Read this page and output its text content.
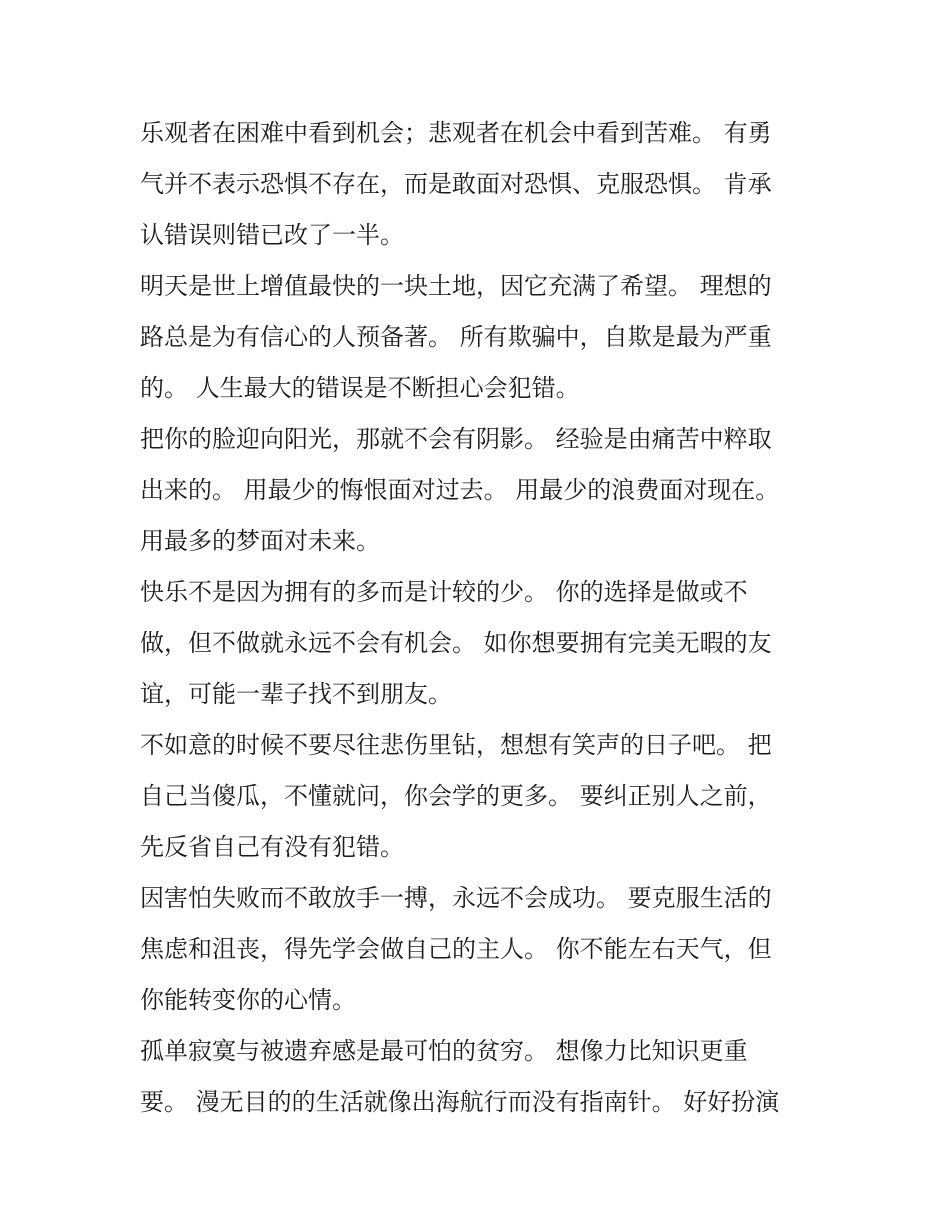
乐观者在困难中看到机会；悲观者在机会中看到苦难。 有勇
气并不表示恐惧不存在，而是敢面对恐惧、克服恐惧。 肯承
认错误则错已改了一半。
明天是世上增值最快的一块土地，因它充满了希望。 理想的
路总是为有信心的人预备著。 所有欺骗中，自欺是最为严重
的。 人生最大的错误是不断担心会犯错。
把你的脸迎向阳光，那就不会有阴影。 经验是由痛苦中粹取
出来的。 用最少的悔恨面对过去。 用最少的浪费面对现在。
用最多的梦面对未来。
快乐不是因为拥有的多而是计较的少。 你的选择是做或不
做，但不做就永远不会有机会。 如你想要拥有完美无暇的友
谊，可能一辈子找不到朋友。
不如意的时候不要尽往悲伤里钻，想想有笑声的日子吧。 把
自己当傻瓜，不懂就问，你会学的更多。 要纠正别人之前，
先反省自己有没有犯错。
因害怕失败而不敢放手一搏，永远不会成功。 要克服生活的
焦虑和沮丧，得先学会做自己的主人。 你不能左右天气，但
你能转变你的心情。
孤单寂寞与被遗弃感是最可怕的贫穷。 想像力比知识更重
要。 漫无目的的生活就像出海航行而没有指南针。 好好扮演
